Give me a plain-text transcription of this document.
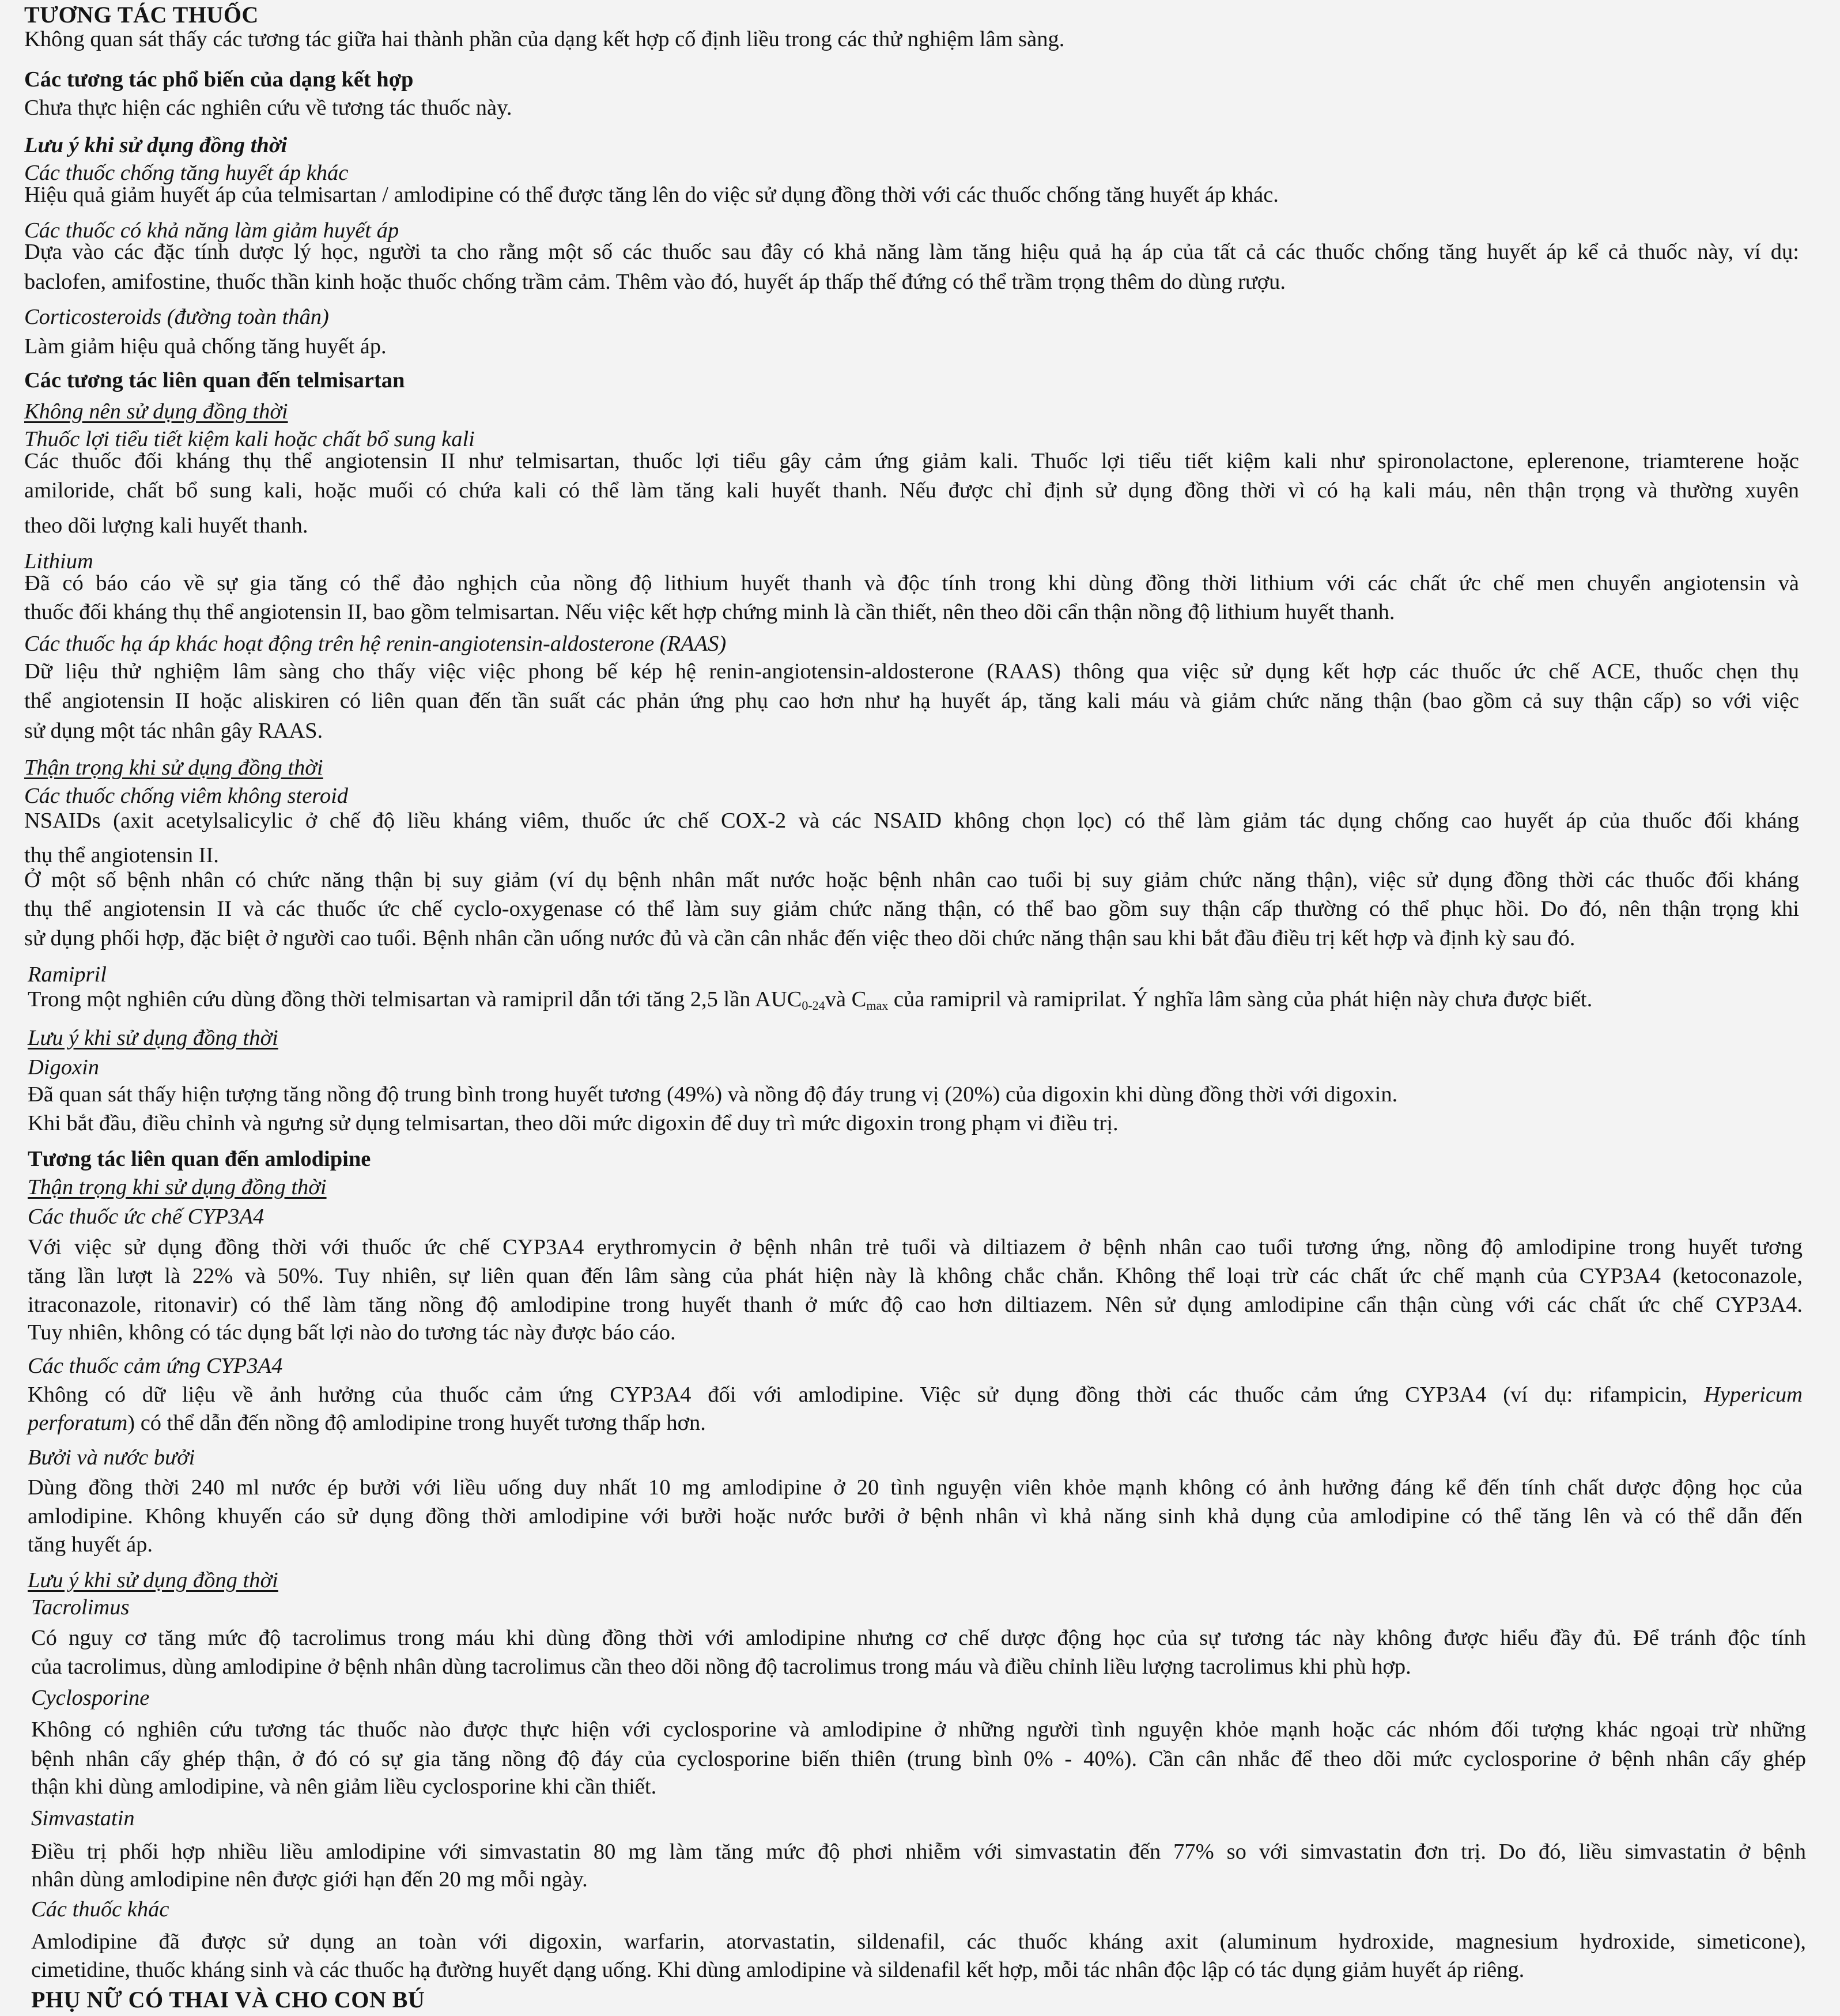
TƯƠNG TÁC THUỐC

Không quan sát thấy các tương tác giữa hai thành phần của dạng kết hợp cố định liều trong các thử nghiệm lâm sàng.

Các tương tác phổ biến của dạng kết hợp

Chưa thực hiện các nghiên cứu về tương tác thuốc này.

Lưu ý khi sử dụng đồng thời

Các thuốc chống tăng huyết áp khác

Hiệu quả giảm huyết áp của telmisartan / amlodipine có thể được tăng lên do việc sử dụng đồng thời với các thuốc chống tăng huyết áp khác.

Các thuốc có khả năng làm giảm huyết áp

Dựa vào các đặc tính dược lý học, người ta cho rằng một số các thuốc sau đây có khả năng làm tăng hiệu quả hạ áp của tất cả các thuốc chống tăng huyết áp kể cả thuốc này, ví dụ:

baclofen, amifostine, thuốc thần kinh hoặc thuốc chống trầm cảm. Thêm vào đó, huyết áp thấp thế đứng có thể trầm trọng thêm do dùng rượu.

Corticosteroids (đường toàn thân)

Làm giảm hiệu quả chống tăng huyết áp.

Các tương tác liên quan đến telmisartan

Không nên sử dụng đồng thời

Thuốc lợi tiểu tiết kiệm kali hoặc chất bổ sung kali

Các thuốc đối kháng thụ thể angiotensin II như telmisartan, thuốc lợi tiểu gây cảm ứng giảm kali. Thuốc lợi tiểu tiết kiệm kali như spironolactone, eplerenone, triamterene hoặc

amiloride, chất bổ sung kali, hoặc muối có chứa kali có thể làm tăng kali huyết thanh. Nếu được chỉ định sử dụng đồng thời vì có hạ kali máu, nên thận trọng và thường xuyên

theo dõi lượng kali huyết thanh.

Lithium

Đã có báo cáo về sự gia tăng có thể đảo nghịch của nồng độ lithium huyết thanh và độc tính trong khi dùng đồng thời lithium với các chất ức chế men chuyển angiotensin và

thuốc đối kháng thụ thể angiotensin II, bao gồm telmisartan. Nếu việc kết hợp chứng minh là cần thiết, nên theo dõi cẩn thận nồng độ lithium huyết thanh.

Các thuốc hạ áp khác hoạt động trên hệ renin-angiotensin-aldosterone (RAAS)

Dữ liệu thử nghiệm lâm sàng cho thấy việc việc phong bế kép hệ renin-angiotensin-aldosterone (RAAS) thông qua việc sử dụng kết hợp các thuốc ức chế ACE, thuốc chẹn thụ

thể angiotensin II hoặc aliskiren có liên quan đến tần suất các phản ứng phụ cao hơn như hạ huyết áp, tăng kali máu và giảm chức năng thận (bao gồm cả suy thận cấp) so với việc

sử dụng một tác nhân gây RAAS.

Thận trọng khi sử dụng đồng thời

Các thuốc chống viêm không steroid

NSAIDs (axit acetylsalicylic ở chế độ liều kháng viêm, thuốc ức chế COX-2 và các NSAID không chọn lọc) có thể làm giảm tác dụng chống cao huyết áp của thuốc đối kháng

thụ thể angiotensin II.

Ở một số bệnh nhân có chức năng thận bị suy giảm (ví dụ bệnh nhân mất nước hoặc bệnh nhân cao tuổi bị suy giảm chức năng thận), việc sử dụng đồng thời các thuốc đối kháng

thụ thể angiotensin II và các thuốc ức chế cyclo-oxygenase có thể làm suy giảm chức năng thận, có thể bao gồm suy thận cấp thường có thể phục hồi. Do đó, nên thận trọng khi

sử dụng phối hợp, đặc biệt ở người cao tuổi. Bệnh nhân cần uống nước đủ và cần cân nhắc đến việc theo dõi chức năng thận sau khi bắt đầu điều trị kết hợp và định kỳ sau đó.

Ramipril

Trong một nghiên cứu dùng đồng thời telmisartan và ramipril dẫn tới tăng 2,5 lần $AUC_{0-24}và$ $C_{max}$ của ramipril và ramiprilat. Ý nghĩa lâm sàng của phát hiện này chưa được biết.

Lưu ý khi sử dụng đồng thời

Digoxin

Đã quan sát thấy hiện tượng tăng nồng độ trung bình trong huyết tương (49%) và nồng độ đáy trung vị (20%) của digoxin khi dùng đồng thời với digoxin.

Khi bắt đầu, điều chỉnh và ngưng sử dụng telmisartan, theo dõi mức digoxin để duy trì mức digoxin trong phạm vi điều trị.

Tương tác liên quan đến amlodipine

Thận trọng khi sử dụng đồng thời

Các thuốc ức chế CYP3A4

Với việc sử dụng đồng thời với thuốc ức chế CYP3A4 erythromycin ở bệnh nhân trẻ tuổi và diltiazem ở bệnh nhân cao tuổi tương ứng, nồng độ amlodipine trong huyết tương

tăng lần lượt là 22% và 50%. Tuy nhiên, sự liên quan đến lâm sàng của phát hiện này là không chắc chắn. Không thể loại trừ các chất ức chế mạnh của CYP3A4 (ketoconazole,

itraconazole, ritonavir) có thể làm tăng nồng độ amlodipine trong huyết thanh ở mức độ cao hơn diltiazem. Nên sử dụng amlodipine cẩn thận cùng với các chất ức chế CYP3A4.

Tuy nhiên, không có tác dụng bất lợi nào do tương tác này được báo cáo.

Các thuốc cảm ứng CYP3A4

Không có dữ liệu về ảnh hưởng của thuốc cảm ứng CYP3A4 đối với amlodipine. Việc sử dụng đồng thời các thuốc cảm ứng CYP3A4 (ví dụ: rifampicin, Hypericum

perforatum) có thể dẫn đến nồng độ amlodipine trong huyết tương thấp hơn.

Bưởi và nước bưởi

Dùng đồng thời 240 ml nước ép bưởi với liều uống duy nhất 10 mg amlodipine ở 20 tình nguyện viên khỏe mạnh không có ảnh hưởng đáng kể đến tính chất dược động học của

amlodipine. Không khuyến cáo sử dụng đồng thời amlodipine với bưởi hoặc nước bưởi ở bệnh nhân vì khả năng sinh khả dụng của amlodipine có thể tăng lên và có thể dẫn đến

tăng huyết áp.

Lưu ý khi sử dụng đồng thời

Tacrolimus

Có nguy cơ tăng mức độ tacrolimus trong máu khi dùng đồng thời với amlodipine nhưng cơ chế dược động học của sự tương tác này không được hiểu đầy đủ. Để tránh độc tính

của tacrolimus, dùng amlodipine ở bệnh nhân dùng tacrolimus cần theo dõi nồng độ tacrolimus trong máu và điều chỉnh liều lượng tacrolimus khi phù hợp.

Cyclosporine

Không có nghiên cứu tương tác thuốc nào được thực hiện với cyclosporine và amlodipine ở những người tình nguyện khỏe mạnh hoặc các nhóm đối tượng khác ngoại trừ những

bệnh nhân cấy ghép thận, ở đó có sự gia tăng nồng độ đáy của cyclosporine biến thiên (trung bình 0% - 40%). Cần cân nhắc để theo dõi mức cyclosporine ở bệnh nhân cấy ghép

thận khi dùng amlodipine, và nên giảm liều cyclosporine khi cần thiết.

Simvastatin

Điều trị phối hợp nhiều liều amlodipine với simvastatin 80 mg làm tăng mức độ phơi nhiễm với simvastatin đến 77% so với simvastatin đơn trị. Do đó, liều simvastatin ở bệnh

nhân dùng amlodipine nên được giới hạn đến 20 mg mỗi ngày.

Các thuốc khác

Amlodipine đã được sử dụng an toàn với digoxin, warfarin, atorvastatin, sildenafil, các thuốc kháng axit (aluminum hydroxide, magnesium hydroxide, simeticone),

cimetidine, thuốc kháng sinh và các thuốc hạ đường huyết dạng uống. Khi dùng amlodipine và sildenafil kết hợp, mỗi tác nhân độc lập có tác dụng giảm huyết áp riêng.

PHỤ NỮ CÓ THAI VÀ CHO CON BÚ
